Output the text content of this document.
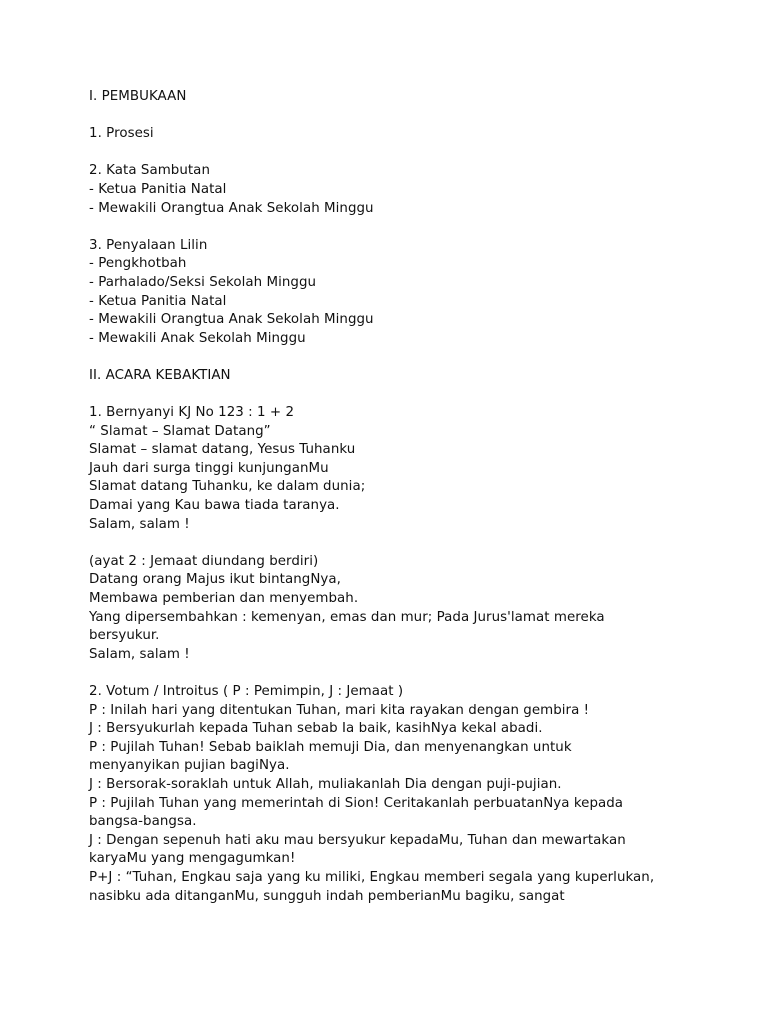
I. PEMBUKAAN
1. Prosesi
2. Kata Sambutan
- Ketua Panitia Natal
- Mewakili Orangtua Anak Sekolah Minggu
3. Penyalaan Lilin
- Pengkhotbah
- Parhalado/Seksi Sekolah Minggu
- Ketua Panitia Natal
- Mewakili Orangtua Anak Sekolah Minggu
- Mewakili Anak Sekolah Minggu
II. ACARA KEBAKTIAN
1. Bernyanyi KJ No 123 : 1 + 2
“ Slamat – Slamat Datang”
Slamat – slamat datang, Yesus Tuhanku
Jauh dari surga tinggi kunjunganMu
Slamat datang Tuhanku, ke dalam dunia;
Damai yang Kau bawa tiada taranya.
Salam, salam !
(ayat 2 : Jemaat diundang berdiri)
Datang orang Majus ikut bintangNya,
Membawa pemberian dan menyembah.
Yang dipersembahkan : kemenyan, emas dan mur; Pada Jurus'lamat mereka
bersyukur.
Salam, salam !
2. Votum / Introitus ( P : Pemimpin, J : Jemaat )
P : Inilah hari yang ditentukan Tuhan, mari kita rayakan dengan gembira !
J : Bersyukurlah kepada Tuhan sebab Ia baik, kasihNya kekal abadi.
P : Pujilah Tuhan! Sebab baiklah memuji Dia, dan menyenangkan untuk
menyanyikan pujian bagiNya.
J : Bersorak-soraklah untuk Allah, muliakanlah Dia dengan puji-pujian.
P : Pujilah Tuhan yang memerintah di Sion! Ceritakanlah perbuatanNya kepada
bangsa-bangsa.
J : Dengan sepenuh hati aku mau bersyukur kepadaMu, Tuhan dan mewartakan
karyaMu yang mengagumkan!
P+J : “Tuhan, Engkau saja yang ku miliki, Engkau memberi segala yang kuperlukan,
nasibku ada ditanganMu, sungguh indah pemberianMu bagiku, sangat
